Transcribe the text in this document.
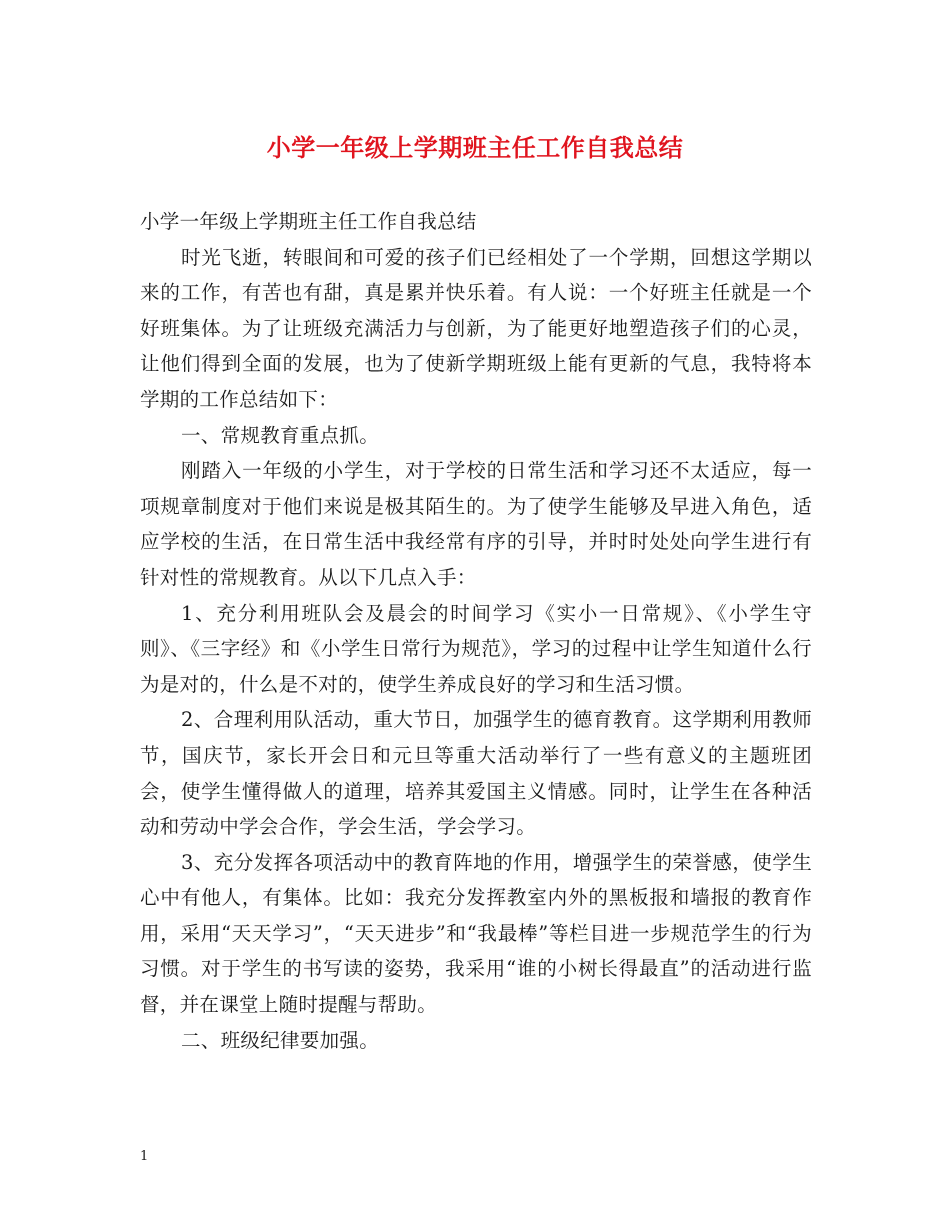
小学一年级上学期班主任工作自我总结

小学一年级上学期班主任工作自我总结

时光飞逝，转眼间和可爱的孩子们已经相处了一个学期，回想这学期以来的工作，有苦也有甜，真是累并快乐着。有人说：一个好班主任就是一个好班集体。为了让班级充满活力与创新，为了能更好地塑造孩子们的心灵，让他们得到全面的发展，也为了使新学期班级上能有更新的气息，我特将本学期的工作总结如下：

一、常规教育重点抓。

刚踏入一年级的小学生，对于学校的日常生活和学习还不太适应，每一项规章制度对于他们来说是极其陌生的。为了使学生能够及早进入角色，适应学校的生活，在日常生活中我经常有序的引导，并时时处处向学生进行有针对性的常规教育。从以下几点入手：

1、充分利用班队会及晨会的时间学习《实小一日常规》、《小学生守则》、《三字经》和《小学生日常行为规范》，学习的过程中让学生知道什么行为是对的，什么是不对的，使学生养成良好的学习和生活习惯。

2、合理利用队活动，重大节日，加强学生的德育教育。这学期利用教师节，国庆节，家长开会日和元旦等重大活动举行了一些有意义的主题班团会，使学生懂得做人的道理，培养其爱国主义情感。同时，让学生在各种活动和劳动中学会合作，学会生活，学会学习。

3、充分发挥各项活动中的教育阵地的作用，增强学生的荣誉感，使学生心中有他人，有集体。比如：我充分发挥教室内外的黑板报和墙报的教育作用，采用“天天学习”，“天天进步”和“我最棒”等栏目进一步规范学生的行为习惯。对于学生的书写读的姿势，我采用“谁的小树长得最直”的活动进行监督，并在课堂上随时提醒与帮助。

二、班级纪律要加强。

1
